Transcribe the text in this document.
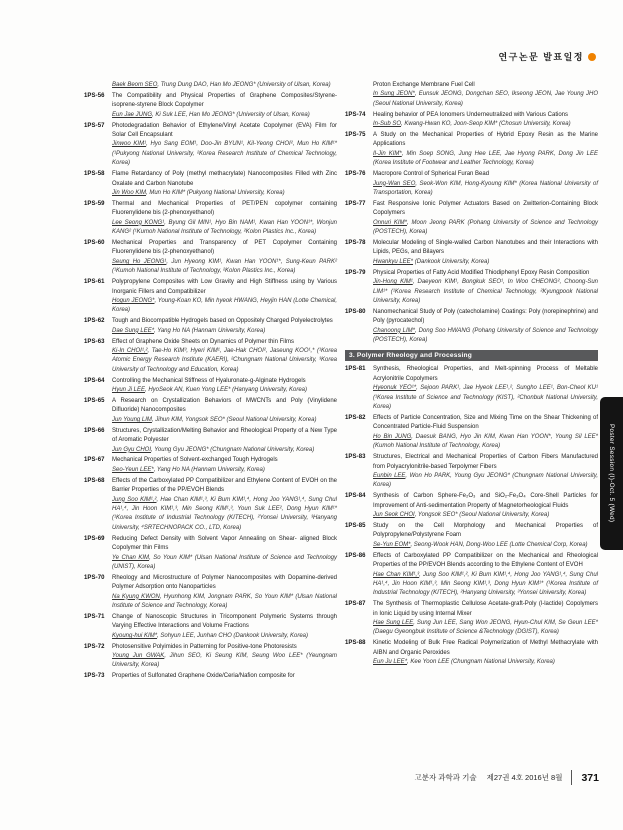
연구논문 발표일정
Baek Beom SEO, Trung Dung DAO, Han Mo JEONG* (University of Ulsan, Korea)
1PS-56	The Compatibility and Physical Properties of Graphene Composites/Styrene-isoprene-styrene Block Copolymer
Eun Jae JUNG, Ki Suk LEE, Han Mo JEONG* (University of Ulsan, Korea)
1PS-57	Photodegradation Behavior of Ethylene/Vinyl Acetate Copolymer (EVA) Film for Solar Cell Encapsulant
Jinwoo KIM¹, Hyo Sang EOM¹, Doo-Jin BYUN¹, Kil-Yeong CHOI², Mun Ho KIM¹* (¹Pukyong National University, ²Korea Research Institute of Chemical Technology, Korea)
1PS-58	Flame Retardancy of Poly (methyl methacrylate) Nanocomposites Filled with Zinc Oxalate and Carbon Nanotube
Jin Woo KIM, Mun Ho KIM* (Pukyong National University, Korea)
1PS-59	Thermal and Mechanical Properties of PET/PEN copolymer containing Fluorenylidene bis (2-phenoxyethanol)
Lee Seong KONG¹, Byung Gil MIN¹, Hyo Bin NAM¹, Kwan Han YOON¹*, Wonjun KANG² (¹Kumoh National Institute of Technology, ²Kolon Plastics Inc., Korea)
1PS-60	Mechanical Properties and Transparency of PET Copolymer Containing Fluorenylidene bis (2-phenoxyethanol)
Seung Ho JEONG¹, Jun Hyeong KIM¹, Kwan Han YOON¹*, Sung-Keun PARK² (¹Kumoh National Institute of Technology, ²Kolon Plastics Inc., Korea)
1PS-61	Polypropylene Composites with Low Gravity and High Stiffness using by Various Inorganic Fillers and Compatibilizer
Hogun JEONG*, Young-Koan KO, Min hyeok HWANG, Heyjin HAN (Lotte Chemical, Korea)
1PS-62	Tough and Biocompatible Hydrogels based on Oppositely Charged Polyelectrolytes
Dae Sung LEE*, Yang Ho NA (Hannam University, Korea)
1PS-63	Effect of Graphene Oxide Sheets on Dynamics of Polymer thin Films
Ki-In CHOI¹,², Tae-Ho KIM³, Hyeri KIM¹, Jae-Hak CHOI², Jaseung KOO¹,* (¹Korea Atomic Energy Research Institute (KAERI), ²Chungnam National University, ³Korea University of Technology and Education, Korea)
1PS-64	Controlling the Mechanical Stiffness of Hyaluronate-g-Alginate Hydrogels
Hyun Ji LEE, HyoSeok AN, Kuen Yong LEE* (Hanyang University, Korea)
1PS-65	A Research on Crystallization Behaviors of MWCNTs and Poly (Vinylidene Difluoride) Nanocomposites
Jun Young LIM, Jihun KIM, Yongsok SEO* (Seoul National University, Korea)
1PS-66	Structures, Crystallization/Melting Behavior and Rheological Property of a New Type of Aromatic Polyester
Jun Gyu CHOI, Young Gyu JEONG* (Chungnam National University, Korea)
1PS-67	Mechanical Properties of Solvent-exchanged Tough Hydrogels
Seo-Yeun LEE*, Yang Ho NA (Hannam University, Korea)
1PS-68	Effects of the Carboxylated PP Compatibilizer and Ethylene Content of EVOH on the Barrier Properties of the PP/EVOH Blends
Jung Soo KIM¹,², Hae Chan KIM¹,³, Ki Bum KIM¹,⁴, Hong Joo YANG¹,⁴, Sung Chul HA¹,⁴, Jin Hoon KIM¹,³, Min Seong KIM¹,³, Youn Suk LEE², Dong Hyun KIM¹* (¹Korea Institute of Industrial Technology (KITECH), ²Yonsei University, ³Hanyang University, ⁴SRTECHNOPACK CO., LTD, Korea)
1PS-69	Reducing Defect Density with Solvent Vapor Annealing on Shear- aligned Block Copolymer thin Films
Ye Chan KIM, So Youn KIM* (Ulsan National Institute of Science and Technology (UNIST), Korea)
1PS-70	Rheology and Microstructure of Polymer Nanocomposites with Dopamine-derived Polymer Adsorption onto Nanoparticles
Na Kyung KWON, Hyunhong KIM, Jongnam PARK, So Youn KIM* (Ulsan National Institute of Science and Technology, Korea)
1PS-71	Change of Nanoscopic Structures in Tricomponent Polymeric Systems through Varying Effective Interactions and Volume Fractions
Kyoung-hui KIM*, Sohyun LEE, Junhan CHO (Dankook University, Korea)
1PS-72	Photosensitive Polyimides in Patterning for Positive-tone Photoresists
Young Jun GWAK, Jihun SEO, Ki Seung KIM, Seung Woo LEE* (Yeungnam University, Korea)
1PS-73	Properties of Sulfonated Graphene Oxide/Ceria/Nafion composite for
Proton Exchange Membrane Fuel Cell
In Sung JEON*, Eunsuk JEONG, Dongchan SEO, Ikseong JEON, Jae Young JHO (Seoul National University, Korea)
1PS-74	Healing behavior of PEA Ionomers Underneutralized with Various Cations
In-Sub SO, Kwang-Hwan KO, Joon-Seop KIM* (Chosun University, Korea)
1PS-75	A Study on the Mechanical Properties of Hybrid Epoxy Resin as the Marine Applications
Il-Jin KIM*, Min Soep SONG, Jung Hee LEE, Jae Hyong PARK, Dong Jin LEE (Korea Institute of Footwear and Leather Technology, Korea)
1PS-76	Macropore Control of Spherical Furan Bead
Jung-Wan SEO, Seok-Won KIM, Hong-Kyoung KIM* (Korea National University of Transportation, Korea)
1PS-77	Fast Responsive Ionic Polymer Actuators Based on Zwitterion-Containing Block Copolymers
Onnuri KIM*, Moon Jeong PARK (Pohang University of Science and Technology (POSTECH), Korea)
1PS-78	Molecular Modeling of Single-walled Carbon Nanotubes and their Interactions with Lipids, PEGs, and Bilayers
Hwankyu LEE* (Dankook University, Korea)
1PS-79	Physical Properties of Fatty Acid Modified Thiodiphenyl Epoxy Resin Composition
Jin-Hong KIM¹, Daeyeon KIM¹, Bongkuk SEO¹, In Woo CHEONG², Choong-Sun LIM¹* (¹Korea Research Institute of Chemical Technology, ²Kyungpook National University, Korea)
1PS-80	Nanomechanical Study of Poly (catecholamine) Coatings: Poly (norepinephrine) and Poly (pyrocatechol)
Chanoong LIM*, Dong Soo HWANG (Pohang University of Science and Technology (POSTECH), Korea)
3. Polymer Rheology and Processing
1PS-81	Synthesis, Rheological Properties, and Melt-spinning Process of Meltable Acrylonitrile Copolymers
Hyeonuk YEO¹*, Sejoon PARK¹, Jae Hyeok LEE¹,², Sungho LEE¹, Bon-Cheol KU¹ (¹Korea Institute of Science and Technology (KIST), ²Chonbuk National University, Korea)
1PS-82	Effects of Particle Concentration, Size and Mixing Time on the Shear Thickening of Concentrated Particle-Fluid Suspension
Ho Bin JUNG, Daesuk BANG, Hyo Jin KIM, Kwan Han YOON*, Young Sil LEE* (Kumoh National Institute of Technology, Korea)
1PS-83	Structures, Electrical and Mechanical Properties of Carbon Fibers Manufactured from Polyacrylonitrile-based Terpolymer Fibers
Eunbin LEE, Won Ho PARK, Young Gyu JEONG* (Chungnam National University, Korea)
1PS-84	Synthesis of Carbon Sphere-Fe₂O₃ and SiO₂-Fe₃O₄ Core-Shell Particles for Improvement of Anti-sedimentation Property of Magnetorheological Fluids
Jun Seok CHOI, Yongsok SEO* (Seoul National University, Korea)
1PS-85	Study on the Cell Morphology and Mechanical Properties of Polypropylene/Polystyrene Foam
Se-Yun EOM*, Seong-Wook HAN, Dong-Woo LEE (Lotte Chemical Corp, Korea)
1PS-86	Effects of Carboxylated PP Compatibilizer on the Mechanical and Rheological Properties of the PP/EVOH Blends according to the Ethylene Content of EVOH
Hae Chan KIM¹,³, Jung Soo KIM¹,², Ki Bum KIM¹,⁴, Hong Joo YANG¹,⁴, Sung Chul HA¹,⁴, Jin Hoon KIM¹,³, Min Seong KIM¹,³, Dong Hyun KIM¹* (¹Korea Institute of Industrial Technology (KITECH), ²Hanyang University, ³Yonsei University, Korea)
1PS-87	The Synthesis of Thermoplastic Cellulose Acetate-graft-Poly (l-lactide) Copolymers in Ionic Liquid by using Internal Mixer
Hae Sung LEE, Sung Jun LEE, Sang Won JEONG, Hyun-Chul KIM, Se Geun LEE* (Daegu Gyeongbuk Institute of Science &Technology (DGIST), Korea)
1PS-88	Kinetic Modeling of Bulk Free Radical Polymerization of Methyl Methacrylate with AIBN and Organic Peroxides
Eun Ju LEE*, Kee Yoon LEE (Chungnam National University, Korea)
Poster Session (I)-Oct. 5 (Wed)
고분자 과학과 기술 제27권 4호 2016년 8월 371
